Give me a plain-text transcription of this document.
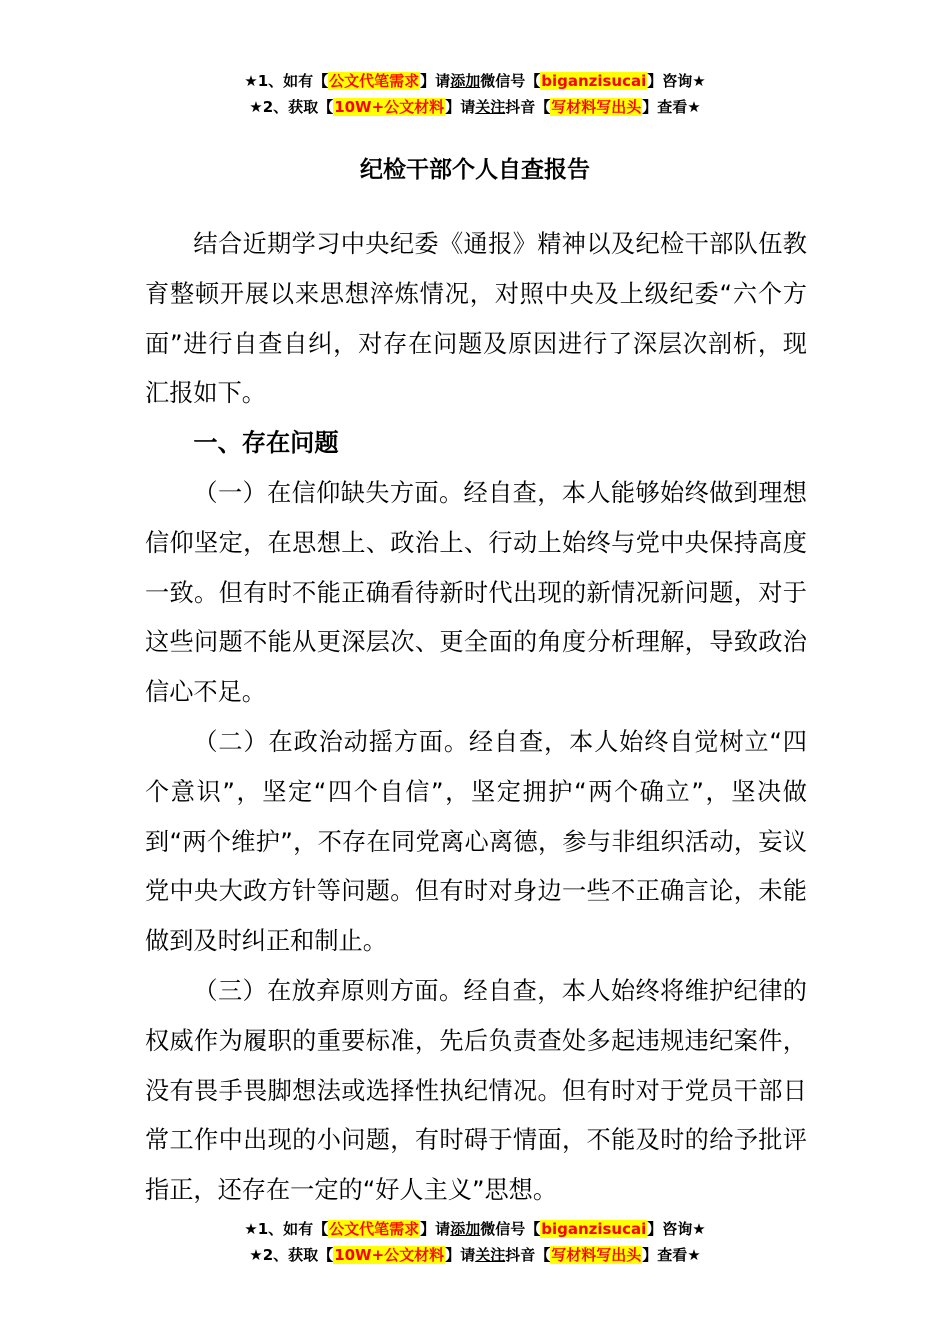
★1、如有【公文代笔需求】请添加微信号【biganzisucai】咨询★
★2、获取【10W+公文材料】请关注抖音【写材料写出头】查看★
纪检干部个人自查报告

结合近期学习中央纪委《通报》精神以及纪检干部队伍教育整顿开展以来思想淬炼情况，对照中央及上级纪委“六个方面”进行自查自纠，对存在问题及原因进行了深层次剖析，现汇报如下。

一、存在问题

（一）在信仰缺失方面。经自查，本人能够始终做到理想信仰坚定，在思想上、政治上、行动上始终与党中央保持高度一致。但有时不能正确看待新时代出现的新情况新问题，对于这些问题不能从更深层次、更全面的角度分析理解，导致政治信心不足。

（二）在政治动摇方面。经自查，本人始终自觉树立“四个意识”，坚定“四个自信”，坚定拥护“两个确立”，坚决做到“两个维护”，不存在同党离心离德，参与非组织活动，妄议党中央大政方针等问题。但有时对身边一些不正确言论，未能做到及时纠正和制止。

（三）在放弃原则方面。经自查，本人始终将维护纪律的权威作为履职的重要标准，先后负责查处多起违规违纪案件，没有畏手畏脚想法或选择性执纪情况。但有时对于党员干部日常工作中出现的小问题，有时碍于情面，不能及时的给予批评指正，还存在一定的“好人主义”思想。

★1、如有【公文代笔需求】请添加微信号【biganzisucai】咨询★
★2、获取【10W+公文材料】请关注抖音【写材料写出头】查看★
